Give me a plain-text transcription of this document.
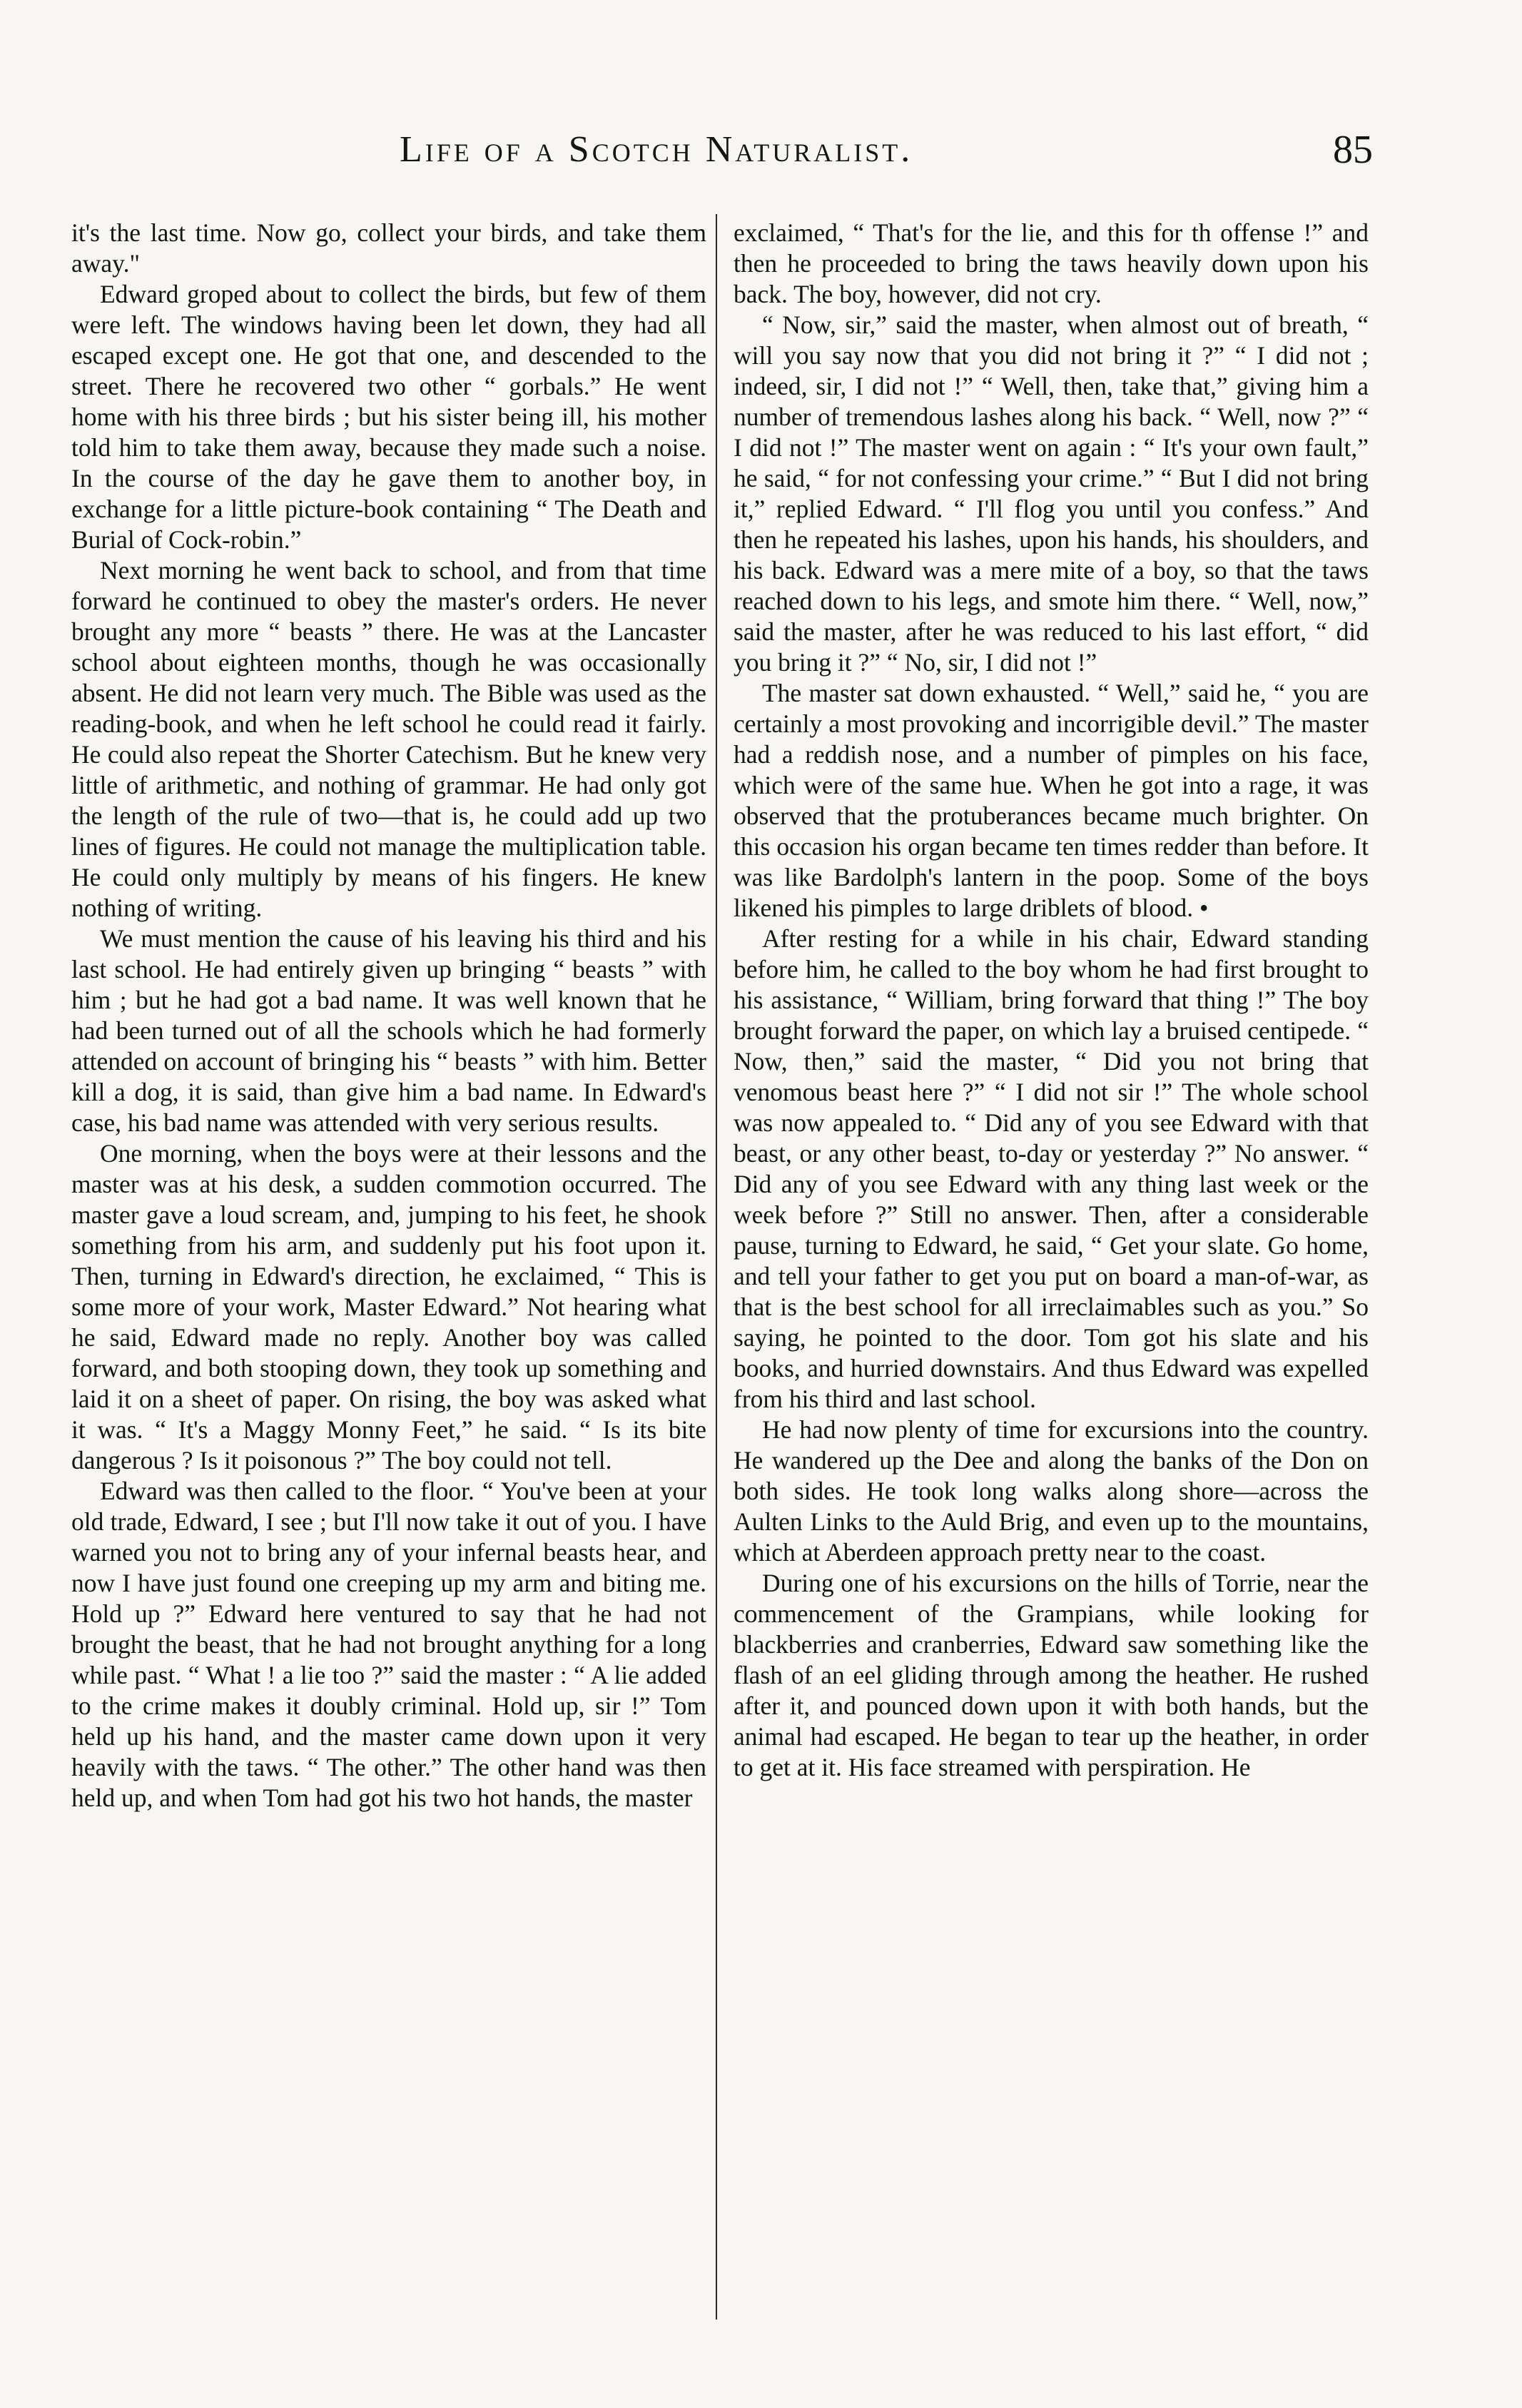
Life of a Scotch Naturalist.	85

it's the last time. Now go, collect your birds, and take them away."

Edward groped about to collect the birds, but few of them were left. The windows having been let down, they had all escaped except one. He got that one, and descended to the street. There he recovered two other “ gorbals.” He went home with his three birds ; but his sister being ill, his mother told him to take them away, because they made such a noise. In the course of the day he gave them to another boy, in exchange for a little picture-book containing “ The Death and Burial of Cock-robin.”

Next morning he went back to school, and from that time forward he continued to obey the master's orders. He never brought any more “ beasts ” there. He was at the Lancaster school about eighteen months, though he was occasionally absent. He did not learn very much. The Bible was used as the reading-book, and when he left school he could read it fairly. He could also repeat the Shorter Catechism. But he knew very little of arithmetic, and nothing of grammar. He had only got the length of the rule of two—that is, he could add up two lines of figures. He could not manage the multiplication table. He could only multiply by means of his fingers. He knew nothing of writing.

We must mention the cause of his leaving his third and his last school. He had entirely given up bringing “ beasts ” with him ; but he had got a bad name. It was well known that he had been turned out of all the schools which he had formerly attended on account of bringing his “ beasts ” with him. Better kill a dog, it is said, than give him a bad name. In Edward's case, his bad name was attended with very serious results.

One morning, when the boys were at their lessons and the master was at his desk, a sudden commotion occurred. The master gave a loud scream, and, jumping to his feet, he shook something from his arm, and suddenly put his foot upon it. Then, turning in Edward's direction, he exclaimed, “ This is some more of your work, Master Edward.” Not hearing what he said, Edward made no reply. Another boy was called forward, and both stooping down, they took up something and laid it on a sheet of paper. On rising, the boy was asked what it was. “ It's a Maggy Monny Feet,” he said. “ Is its bite dangerous ? Is it poisonous ?” The boy could not tell.

Edward was then called to the floor. “ You've been at your old trade, Edward, I see ; but I'll now take it out of you. I have warned you not to bring any of your infernal beasts hear, and now I have just found one creeping up my arm and biting me. Hold up ?” Edward here ventured to say that he had not brought the beast, that he had not brought anything for a long while past. “ What ! a lie too ?” said the master : “ A lie added to the crime makes it doubly criminal. Hold up, sir !” Tom held up his hand, and the master came down upon it very heavily with the taws. “ The other.” The other hand was then held up, and when Tom had got his two hot hands, the master

exclaimed, “ That's for the lie, and this for th offense !” and then he proceeded to bring the taws heavily down upon his back. The boy, however, did not cry.

“ Now, sir,” said the master, when almost out of breath, “ will you say now that you did not bring it ?” “ I did not ; indeed, sir, I did not !” “ Well, then, take that,” giving him a number of tremendous lashes along his back. “ Well, now ?” “ I did not !” The master went on again : “ It's your own fault,” he said, “ for not confessing your crime.” “ But I did not bring it,” replied Edward. “ I'll flog you until you confess.” And then he repeated his lashes, upon his hands, his shoulders, and his back. Edward was a mere mite of a boy, so that the taws reached down to his legs, and smote him there. “ Well, now,” said the master, after he was reduced to his last effort, “ did you bring it ?” “ No, sir, I did not !”

The master sat down exhausted. “ Well,” said he, “ you are certainly a most provoking and incorrigible devil.” The master had a reddish nose, and a number of pimples on his face, which were of the same hue. When he got into a rage, it was observed that the protuberances became much brighter. On this occasion his organ became ten times redder than before. It was like Bardolph's lantern in the poop. Some of the boys likened his pimples to large driblets of blood. •

After resting for a while in his chair, Edward standing before him, he called to the boy whom he had first brought to his assistance, “ William, bring forward that thing !” The boy brought forward the paper, on which lay a bruised centipede. “ Now, then,” said the master, “ Did you not bring that venomous beast here ?” “ I did not sir !” The whole school was now appealed to. “ Did any of you see Edward with that beast, or any other beast, to-day or yesterday ?” No answer. “ Did any of you see Edward with any thing last week or the week before ?” Still no answer. Then, after a considerable pause, turning to Edward, he said, “ Get your slate. Go home, and tell your father to get you put on board a man-of-war, as that is the best school for all irreclaimables such as you.” So saying, he pointed to the door. Tom got his slate and his books, and hurried downstairs. And thus Edward was expelled from his third and last school.

He had now plenty of time for excursions into the country. He wandered up the Dee and along the banks of the Don on both sides. He took long walks along shore—across the Aulten Links to the Auld Brig, and even up to the mountains, which at Aberdeen approach pretty near to the coast.

During one of his excursions on the hills of Torrie, near the commencement of the Grampians, while looking for blackberries and cranberries, Edward saw something like the flash of an eel gliding through among the heather. He rushed after it, and pounced down upon it with both hands, but the animal had escaped. He began to tear up the heather, in order to get at it. His face streamed with perspiration. He
